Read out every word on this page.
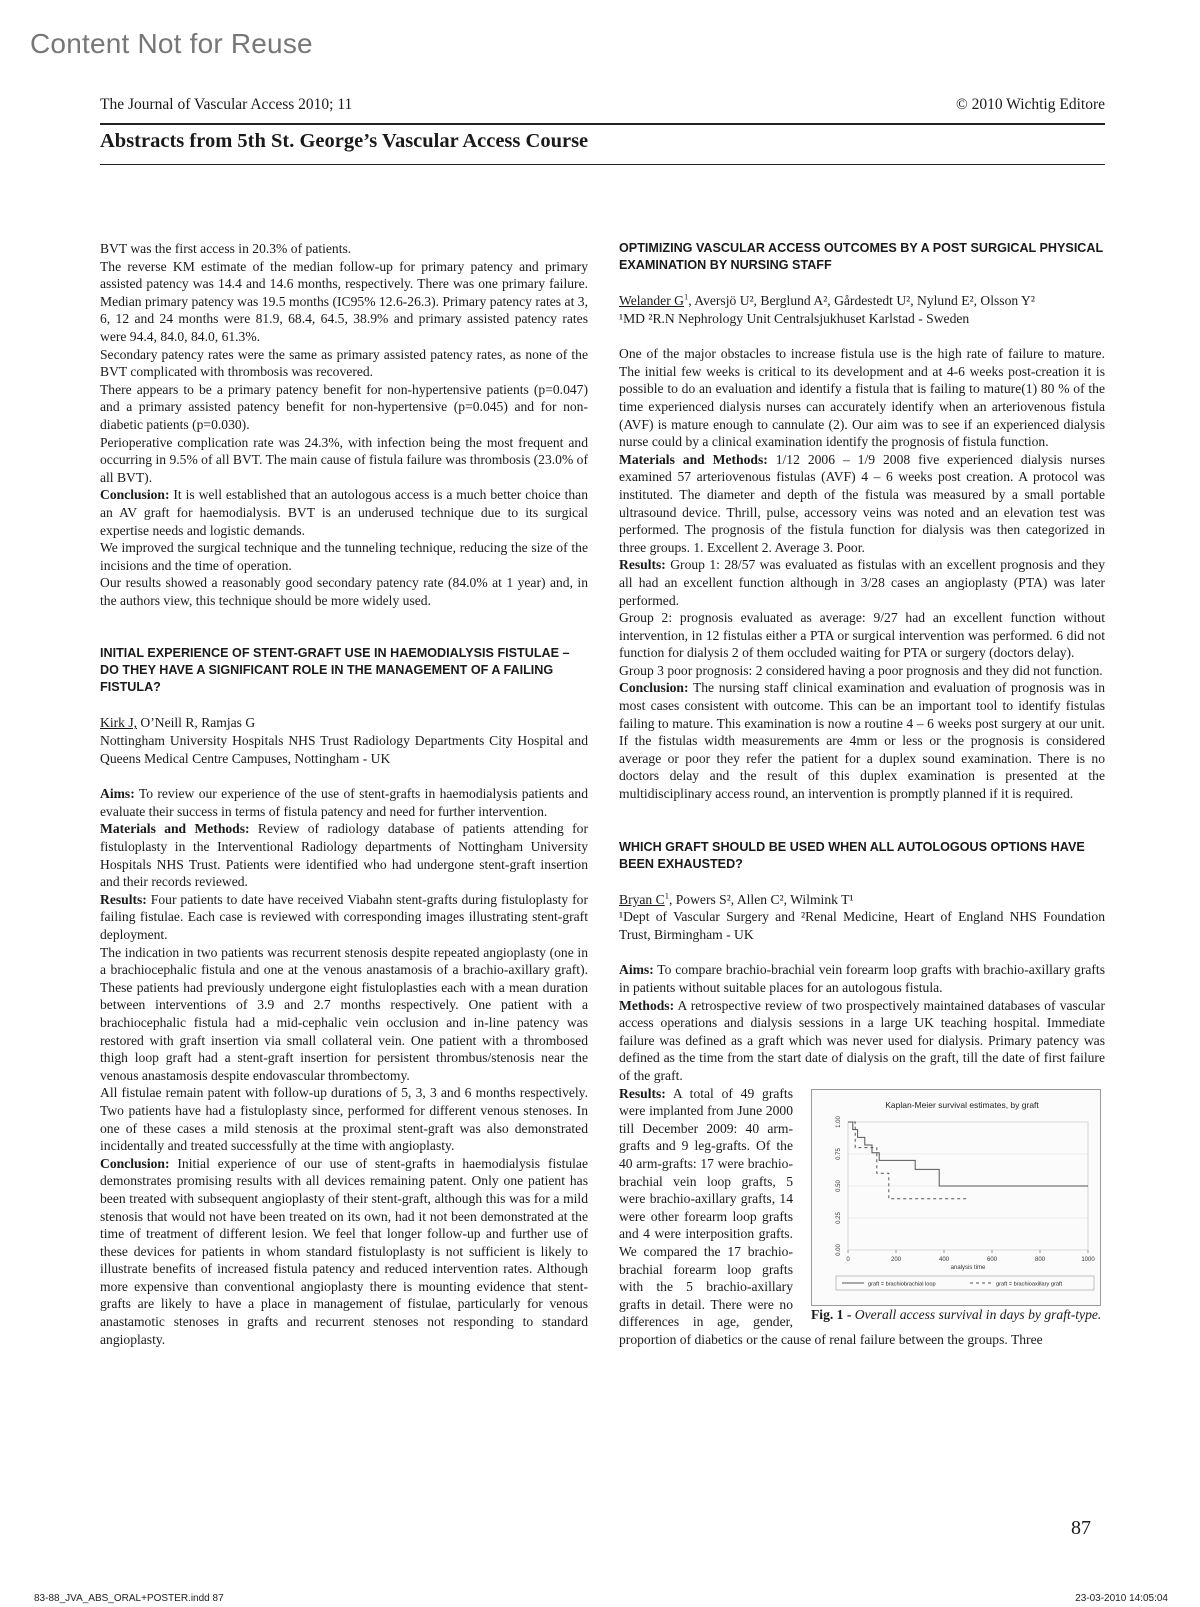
Content Not for Reuse
The Journal of Vascular Access 2010; 11	© 2010 Wichtig Editore
Abstracts from 5th St. George’s Vascular Access Course

BVT was the first access in 20.3% of patients.

The reverse KM estimate of the median follow-up for primary patency and primary assisted patency was 14.4 and 14.6 months, respectively. There was one primary failure. Median primary patency was 19.5 months (IC95% 12.6-26.3). Primary patency rates at 3, 6, 12 and 24 months were 81.9, 68.4, 64.5, 38.9% and primary assisted patency rates were 94.4, 84.0, 84.0, 61.3%.

Secondary patency rates were the same as primary assisted patency rates, as none of the BVT complicated with thrombosis was recovered.

There appears to be a primary patency benefit for non-hypertensive patients (p=0.047) and a primary assisted patency benefit for non-hypertensive (p=0.045) and for non-diabetic patients (p=0.030).

Perioperative complication rate was 24.3%, with infection being the most frequent and occurring in 9.5% of all BVT. The main cause of fistula failure was thrombosis (23.0% of all BVT).

Conclusion: It is well established that an autologous access is a much better choice than an AV graft for haemodialysis. BVT is an underused technique due to its surgical expertise needs and logistic demands.

We improved the surgical technique and the tunneling technique, reducing the size of the incisions and the time of operation.

Our results showed a reasonably good secondary patency rate (84.0% at 1 year) and, in the authors view, this technique should be more widely used.

INITIAL EXPERIENCE OF STENT-GRAFT USE IN HAEMODIALYSIS FISTULAE – DO THEY HAVE A SIGNIFICANT ROLE IN THE MANAGEMENT OF A FAILING FISTULA?

Kirk J, O’Neill R, Ramjas G

Nottingham University Hospitals NHS Trust Radiology Departments City Hospital and Queens Medical Centre Campuses, Nottingham - UK

Aims: To review our experience of the use of stent-grafts in haemodialysis patients and evaluate their success in terms of fistula patency and need for further intervention.

Materials and Methods: Review of radiology database of patients attending for fistuloplasty in the Interventional Radiology departments of Nottingham University Hospitals NHS Trust. Patients were identified who had undergone stent-graft insertion and their records reviewed.

Results: Four patients to date have received Viabahn stent-grafts during fistuloplasty for failing fistulae. Each case is reviewed with corresponding images illustrating stent-graft deployment.

The indication in two patients was recurrent stenosis despite repeated angioplasty (one in a brachiocephalic fistula and one at the venous anastamosis of a brachio-axillary graft). These patients had previously undergone eight fistuloplasties each with a mean duration between interventions of 3.9 and 2.7 months respectively. One patient with a brachiocephalic fistula had a mid-cephalic vein occlusion and in-line patency was restored with graft insertion via small collateral vein. One patient with a thrombosed thigh loop graft had a stent-graft insertion for persistent thrombus/stenosis near the venous anastamosis despite endovascular thrombectomy.

All fistulae remain patent with follow-up durations of 5, 3, 3 and 6 months respectively. Two patients have had a fistuloplasty since, performed for different venous stenoses. In one of these cases a mild stenosis at the proximal stent-graft was also demonstrated incidentally and treated successfully at the time with angioplasty.

Conclusion: Initial experience of our use of stent-grafts in haemodialysis fistulae demonstrates promising results with all devices remaining patent. Only one patient has been treated with subsequent angioplasty of their stent-graft, although this was for a mild stenosis that would not have been treated on its own, had it not been demonstrated at the time of treatment of different lesion. We feel that longer follow-up and further use of these devices for patients in whom standard fistuloplasty is not sufficient is likely to illustrate benefits of increased fistula patency and reduced intervention rates. Although more expensive than conventional angioplasty there is mounting evidence that stent-grafts are likely to have a place in management of fistulae, particularly for venous anastamotic stenoses in grafts and recurrent stenoses not responding to standard angioplasty.

OPTIMIZING VASCULAR ACCESS OUTCOMES BY A POST SURGICAL PHYSICAL EXAMINATION BY NURSING STAFF

Welander $G^1$, Aversjö U², Berglund A², Gårdestedt U², Nylund E², Olsson Y²

¹MD ²R.N Nephrology Unit Centralsjukhuset Karlstad - Sweden

One of the major obstacles to increase fistula use is the high rate of failure to mature. The initial few weeks is critical to its development and at 4-6 weeks post-creation it is possible to do an evaluation and identify a fistula that is failing to mature(1) 80 % of the time experienced dialysis nurses can accurately identify when an arteriovenous fistula (AVF) is mature enough to cannulate (2). Our aim was to see if an experienced dialysis nurse could by a clinical examination identify the prognosis of fistula function.

Materials and Methods: 1/12 2006 – 1/9 2008 five experienced dialysis nurses examined 57 arteriovenous fistulas (AVF) 4 – 6 weeks post creation. A protocol was instituted. The diameter and depth of the fistula was measured by a small portable ultrasound device. Thrill, pulse, accessory veins was noted and an elevation test was performed. The prognosis of the fistula function for dialysis was then categorized in three groups. 1. Excellent 2. Average 3. Poor.

Results: Group 1: 28/57 was evaluated as fistulas with an excellent prognosis and they all had an excellent function although in 3/28 cases an angioplasty (PTA) was later performed.

Group 2: prognosis evaluated as average: 9/27 had an excellent function without intervention, in 12 fistulas either a PTA or surgical intervention was performed. 6 did not function for dialysis 2 of them occluded waiting for PTA or surgery (doctors delay).

Group 3 poor prognosis: 2 considered having a poor prognosis and they did not function.

Conclusion: The nursing staff clinical examination and evaluation of prognosis was in most cases consistent with outcome. This can be an important tool to identify fistulas failing to mature. This examination is now a routine 4 – 6 weeks post surgery at our unit. If the fistulas width measurements are 4mm or less or the prognosis is considered average or poor they refer the patient for a duplex sound examination. There is no doctors delay and the result of this duplex examination is presented at the multidisciplinary access round, an intervention is promptly planned if it is required.

WHICH GRAFT SHOULD BE USED WHEN ALL AUTOLOGOUS OPTIONS HAVE BEEN EXHAUSTED?

Bryan $C^1$, Powers S², Allen C², Wilmink T¹

¹Dept of Vascular Surgery and ²Renal Medicine, Heart of England NHS Foundation Trust, Birmingham - UK

Aims: To compare brachio-brachial vein forearm loop grafts with brachio-axillary grafts in patients without suitable places for an autologous fistula.

Methods: A retrospective review of two prospectively maintained databases of vascular access operations and dialysis sessions in a large UK teaching hospital. Immediate failure was defined as a graft which was never used for dialysis. Primary patency was defined as the time from the start date of dialysis on the graft, till the date of first failure of the graft.

Kaplan-Meier survival estimates, by graft
0.00
0.25
0.50
0.75
1.00
0	200	400	600	800	1000
analysis time
graft = brachiobrachial loop	graft = brachioaxillary graft
Fig. 1 - Overall access survival in days by graft-type.

Results: A total of 49 grafts were implanted from June 2000 till December 2009: 40 arm-grafts and 9 leg-grafts. Of the 40 arm-grafts: 17 were brachio-brachial vein loop grafts, 5 were brachio-axillary grafts, 14 were other forearm loop grafts and 4 were interposition grafts. We compared the 17 brachio-brachial forearm loop grafts with the 5 brachio-axillary grafts in detail. There were no differences in age, gender, proportion of diabetics or the cause of renal failure between the groups. Three

87
83-88_JVA_ABS_ORAL+POSTER.indd 87	23-03-2010 14:05:04
